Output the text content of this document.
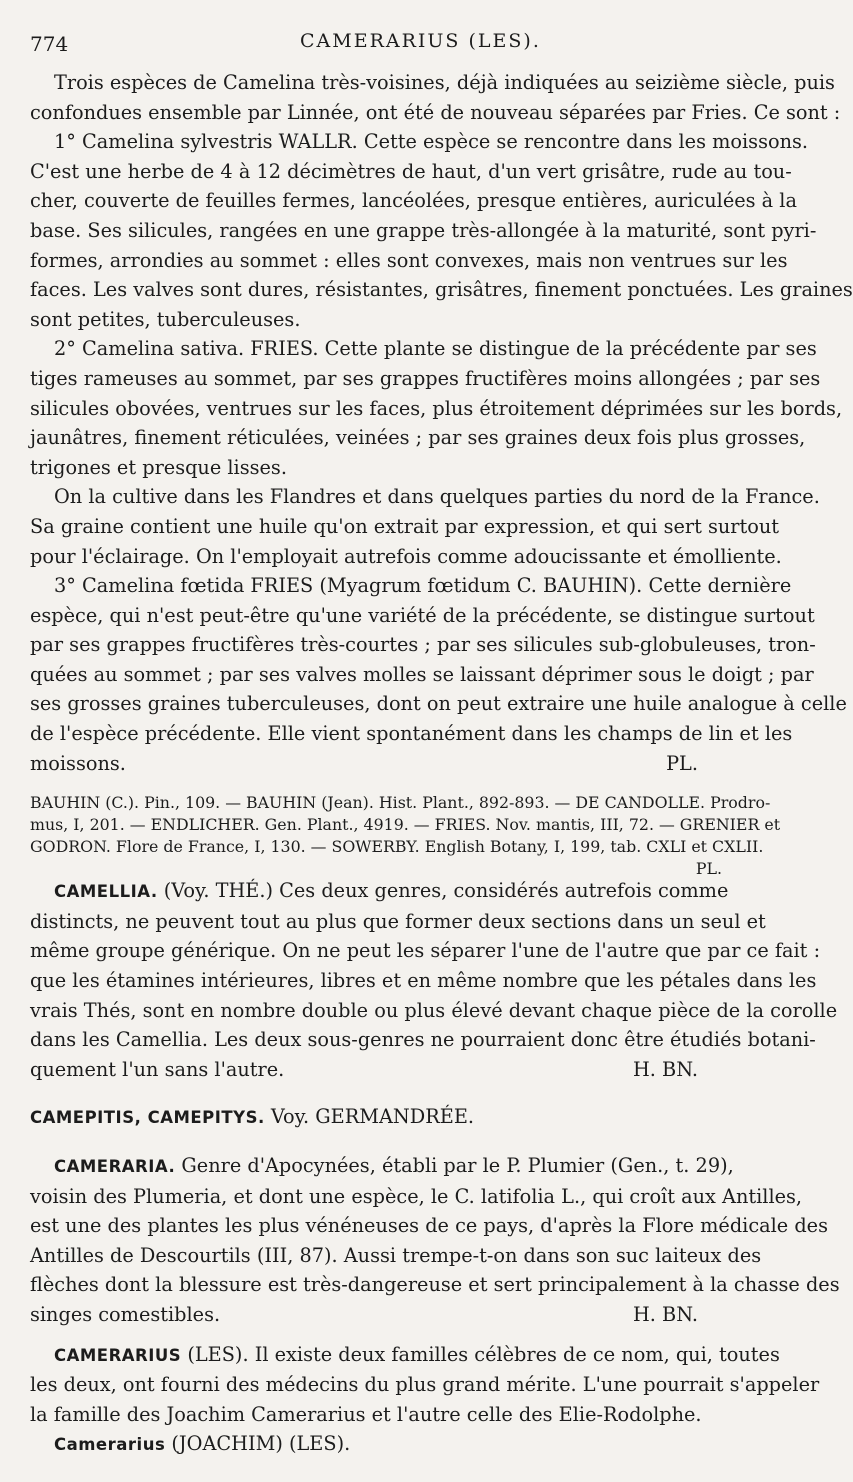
774	CAMERARIUS (LES).
Trois espèces de Camelina très-voisines, déjà indiquées au seizième siècle, puis
confondues ensemble par Linnée, ont été de nouveau séparées par Fries. Ce sont :
1° Camelina sylvestris WALLR. Cette espèce se rencontre dans les moissons.
C'est une herbe de 4 à 12 décimètres de haut, d'un vert grisâtre, rude au tou-
cher, couverte de feuilles fermes, lancéolées, presque entières, auriculées à la
base. Ses silicules, rangées en une grappe très-allongée à la maturité, sont pyri-
formes, arrondies au sommet : elles sont convexes, mais non ventrues sur les
faces. Les valves sont dures, résistantes, grisâtres, finement ponctuées. Les graines
sont petites, tuberculeuses.
2° Camelina sativa. FRIES. Cette plante se distingue de la précédente par ses
tiges rameuses au sommet, par ses grappes fructifères moins allongées ; par ses
silicules obovées, ventrues sur les faces, plus étroitement déprimées sur les bords,
jaunâtres, finement réticulées, veinées ; par ses graines deux fois plus grosses,
trigones et presque lisses.
On la cultive dans les Flandres et dans quelques parties du nord de la France.
Sa graine contient une huile qu'on extrait par expression, et qui sert surtout
pour l'éclairage. On l'employait autrefois comme adoucissante et émolliente.
3° Camelina fœtida FRIES (Myagrum fœtidum C. BAUHIN). Cette dernière
espèce, qui n'est peut-être qu'une variété de la précédente, se distingue surtout
par ses grappes fructifères très-courtes ; par ses silicules sub-globuleuses, tron-
quées au sommet ; par ses valves molles se laissant déprimer sous le doigt ; par
ses grosses graines tuberculeuses, dont on peut extraire une huile analogue à celle
de l'espèce précédente. Elle vient spontanément dans les champs de lin et les
moissons.	PL.
BAUHIN (C.). Pin., 109. — BAUHIN (Jean). Hist. Plant., 892-893. — DE CANDOLLE. Prodro-
mus, I, 201. — ENDLICHER. Gen. Plant., 4919. — FRIES. Nov. mantis, III, 72. — GRENIER et
GODRON. Flore de France, I, 130. — SOWERBY. English Botany, I, 199, tab. CXLI et CXLII.
PL.
CAMELLIA. (Voy. THÉ.) Ces deux genres, considérés autrefois comme
distincts, ne peuvent tout au plus que former deux sections dans un seul et
même groupe générique. On ne peut les séparer l'une de l'autre que par ce fait :
que les étamines intérieures, libres et en même nombre que les pétales dans les
vrais Thés, sont en nombre double ou plus élevé devant chaque pièce de la corolle
dans les Camellia. Les deux sous-genres ne pourraient donc être étudiés botani-
quement l'un sans l'autre.	H. BN.
CAMEPITIS, CAMEPITYS. Voy. GERMANDRÉE.
CAMERARIA. Genre d'Apocynées, établi par le P. Plumier (Gen., t. 29),
voisin des Plumeria, et dont une espèce, le C. latifolia L., qui croît aux Antilles,
est une des plantes les plus vénéneuses de ce pays, d'après la Flore médicale des
Antilles de Descourtils (III, 87). Aussi trempe-t-on dans son suc laiteux des
flèches dont la blessure est très-dangereuse et sert principalement à la chasse des
singes comestibles.	H. BN.
CAMERARIUS (LES). Il existe deux familles célèbres de ce nom, qui, toutes
les deux, ont fourni des médecins du plus grand mérite. L'une pourrait s'appeler
la famille des Joachim Camerarius et l'autre celle des Elie-Rodolphe.
Camerarius (JOACHIM) (LES).
